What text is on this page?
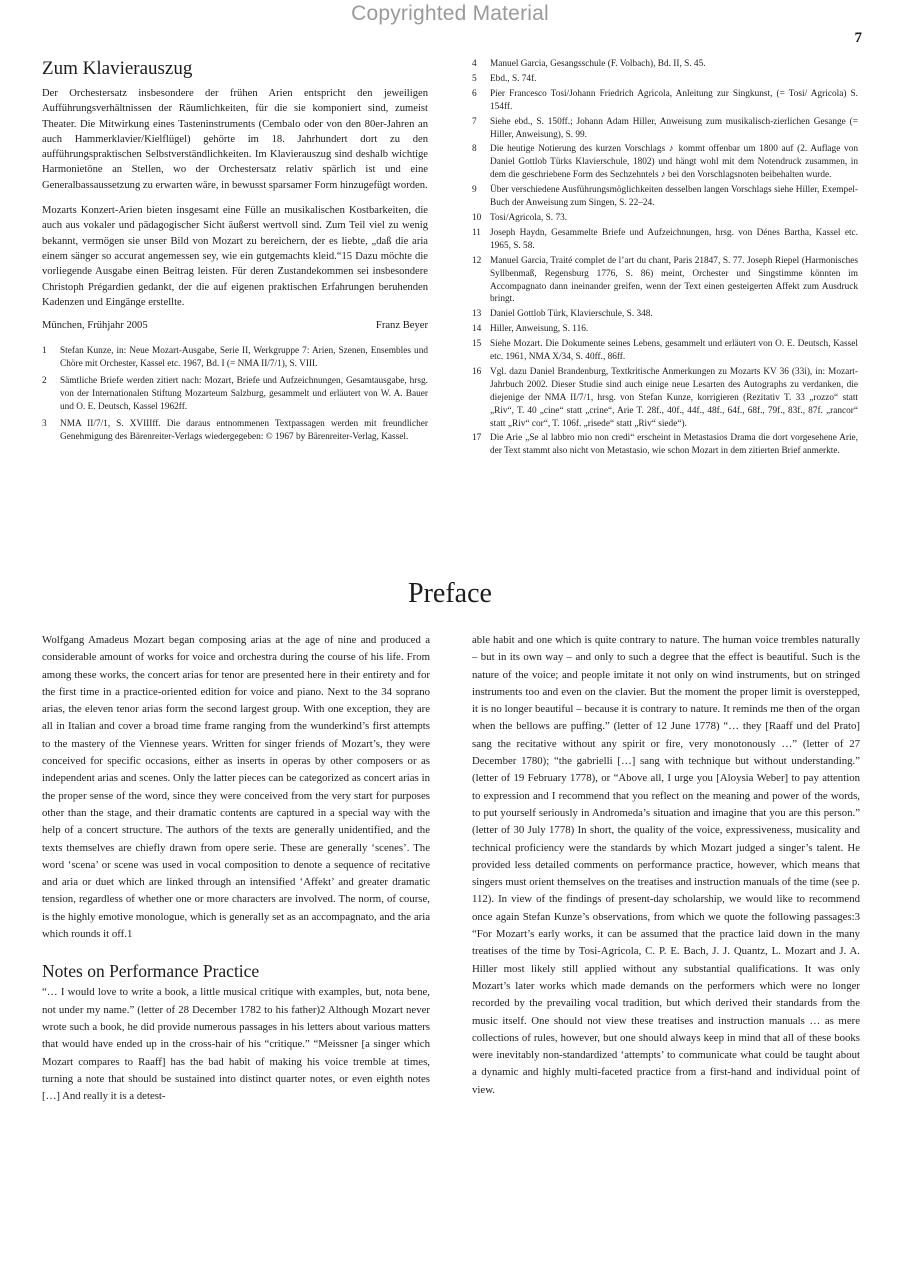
Copyrighted Material
7
Zum Klavierauszug

Der Orchestersatz insbesondere der frühen Arien entspricht den jeweiligen Aufführungsverhältnissen der Räumlichkeiten, für die sie komponiert sind, zumeist Theater. Die Mitwirkung eines Tasteninstruments (Cembalo oder von den 80er-Jahren an auch Hammerklavier/Kielflügel) gehörte im 18. Jahrhundert dort zu den aufführungspraktischen Selbstverständlichkeiten. Im Klavierauszug sind deshalb wichtige Harmonietöne an Stellen, wo der Orchestersatz relativ spärlich ist und eine Generalbassaussetzung zu erwarten wäre, in bewusst sparsamer Form hinzugefügt worden.

Mozarts Konzert-Arien bieten insgesamt eine Fülle an musikalischen Kostbarkeiten, die auch aus vokaler und pädagogischer Sicht äußerst wertvoll sind. Zum Teil viel zu wenig bekannt, vermögen sie unser Bild von Mozart zu bereichern, der es liebte, „daß die aria einem sänger so accurat angemessen sey, wie ein gutgemachts kleid.“15 Dazu möchte die vorliegende Ausgabe einen Beitrag leisten. Für deren Zustandekommen sei insbesondere Christoph Prégardien gedankt, der die auf eigenen praktischen Erfahrungen beruhenden Kadenzen und Eingänge erstellte.

München, Frühjahr 2005	Franz Beyer
1	Stefan Kunze, in: Neue Mozart-Ausgabe, Serie II, Werkgruppe 7: Arien, Szenen, Ensembles und Chöre mit Orchester, Kassel etc. 1967, Bd. I (= NMA II/7/1), S. VIII.
2	Sämtliche Briefe werden zitiert nach: Mozart, Briefe und Aufzeichnungen, Gesamtausgabe, hrsg. von der Internationalen Stiftung Mozarteum Salzburg, gesammelt und erläutert von W. A. Bauer und O. E. Deutsch, Kassel 1962ff.
3	NMA II/7/1, S. XVIIIff. Die daraus entnommenen Textpassagen werden mit freundlicher Genehmigung des Bärenreiter-Verlags wiedergegeben: © 1967 by Bärenreiter-Verlag, Kassel.
4	Manuel Garcia, Gesangsschule (F. Volbach), Bd. II, S. 45.
5	Ebd., S. 74f.
6	Pier Francesco Tosi/Johann Friedrich Agricola, Anleitung zur Singkunst, (= Tosi/ Agricola) S. 154ff.
7	Siehe ebd., S. 150ff.; Johann Adam Hiller, Anweisung zum musikalisch-zierlichen Gesange (= Hiller, Anweisung), S. 99.
8	Die heutige Notierung des kurzen Vorschlags ♪ kommt offenbar um 1800 auf (2. Auflage von Daniel Gottlob Türks Klavierschule, 1802) und hängt wohl mit dem Notendruck zusammen, in dem die geschriebene Form des Sechzehntels ♪ bei den Vorschlagsnoten beibehalten wurde.
9	Über verschiedene Ausführungsmöglichkeiten desselben langen Vorschlags siehe Hiller, Exempel-Buch der Anweisung zum Singen, S. 22–24.
10 Tosi/Agricola, S. 73.
11 Joseph Haydn, Gesammelte Briefe und Aufzeichnungen, hrsg. von Dénes Bartha, Kassel etc. 1965, S. 58.
12 Manuel Garcia, Traité complet de l’art du chant, Paris 21847, S. 77. Joseph Riepel (Harmonisches Syllbenmaß, Regensburg 1776, S. 86) meint, Orchester und Singstimme könnten im Accompagnato dann ineinander greifen, wenn der Text einen gesteigerten Affekt zum Ausdruck bringt.
13 Daniel Gottlob Türk, Klavierschule, S. 348.
14 Hiller, Anweisung, S. 116.
15 Siehe Mozart. Die Dokumente seines Lebens, gesammelt und erläutert von O. E. Deutsch, Kassel etc. 1961, NMA X/34, S. 40ff., 86ff.
16 Vgl. dazu Daniel Brandenburg, Textkritische Anmerkungen zu Mozarts KV 36 (33i), in: Mozart-Jahrbuch 2002. Dieser Studie sind auch einige neue Lesarten des Autographs zu verdanken, die diejenige der NMA II/7/1, hrsg. von Stefan Kunze, korrigieren (Rezitativ T. 33 „rozzo“ statt „Riv“, T. 40 „cine“ statt „crine“, Arie T. 28f., 40f., 44f., 48f., 64f., 68f., 79f., 83f., 87f. „rancor“ statt „Riv“ cor“, T. 106f. „risede“ statt „Riv“ siede“).
17 Die Arie „Se al labbro mio non credi“ erscheint in Metastasios Drama die dort vorgesehene Arie, der Text stammt also nicht von Metastasio, wie schon Mozart in dem zitierten Brief anmerkte.
Preface

Wolfgang Amadeus Mozart began composing arias at the age of nine and produced a considerable amount of works for voice and orchestra during the course of his life. From among these works, the concert arias for tenor are presented here in their entirety and for the first time in a practice-oriented edition for voice and piano. Next to the 34 soprano arias, the eleven tenor arias form the second largest group. With one exception, they are all in Italian and cover a broad time frame ranging from the wunderkind’s first attempts to the mastery of the Viennese years. Written for singer friends of Mozart’s, they were conceived for specific occasions, either as inserts in operas by other composers or as independent arias and scenes. Only the latter pieces can be categorized as concert arias in the proper sense of the word, since they were conceived from the very start for purposes other than the stage, and their dramatic contents are captured in a special way with the help of a concert structure. The authors of the texts are generally unidentified, and the texts themselves are chiefly drawn from opere serie. These are generally ‘scenes’. The word ‘scena’ or scene was used in vocal composition to denote a sequence of recitative and aria or duet which are linked through an intensified ‘Affekt’ and greater dramatic tension, regardless of whether one or more characters are involved. The norm, of course, is the highly emotive monologue, which is generally set as an accompagnato, and the aria which rounds it off.1

Notes on Performance Practice

“… I would love to write a book, a little musical critique with examples, but, nota bene, not under my name.” (letter of 28 December 1782 to his father)2 Although Mozart never wrote such a book, he did provide numerous passages in his letters about various matters that would have ended up in the cross-hair of his “critique.” “Meissner [a singer which Mozart compares to Raaff] has the bad habit of making his voice tremble at times, turning a note that should be sustained into distinct quarter notes, or even eighth notes […] And really it is a detest-

able habit and one which is quite contrary to nature. The human voice trembles naturally – but in its own way – and only to such a degree that the effect is beautiful. Such is the nature of the voice; and people imitate it not only on wind instruments, but on stringed instruments too and even on the clavier. But the moment the proper limit is overstepped, it is no longer beautiful – because it is contrary to nature. It reminds me then of the organ when the bellows are puffing.” (letter of 12 June 1778) “… they [Raaff und del Prato] sang the recitative without any spirit or fire, very monotonously …” (letter of 27 December 1780); “the gabrielli […] sang with technique but without understanding.” (letter of 19 February 1778), or “Above all, I urge you [Aloysia Weber] to pay attention to expression and I recommend that you reflect on the meaning and power of the words, to put yourself seriously in Andromeda’s situation and imagine that you are this person.” (letter of 30 July 1778) In short, the quality of the voice, expressiveness, musicality and technical proficiency were the standards by which Mozart judged a singer’s talent. He provided less detailed comments on performance practice, however, which means that singers must orient themselves on the treatises and instruction manuals of the time (see p. 112). In view of the findings of present-day scholarship, we would like to recommend once again Stefan Kunze’s observations, from which we quote the following passages:3 “For Mozart’s early works, it can be assumed that the practice laid down in the many treatises of the time by Tosi-Agricola, C. P. E. Bach, J. J. Quantz, L. Mozart and J. A. Hiller most likely still applied without any substantial qualifications. It was only Mozart’s later works which made demands on the performers which were no longer recorded by the prevailing vocal tradition, but which derived their standards from the music itself. One should not view these treatises and instruction manuals … as mere collections of rules, however, but one should always keep in mind that all of these books were inevitably non-standardized ‘attempts’ to communicate what could be taught about a dynamic and highly multi-faceted practice from a first-hand and individual point of view.
